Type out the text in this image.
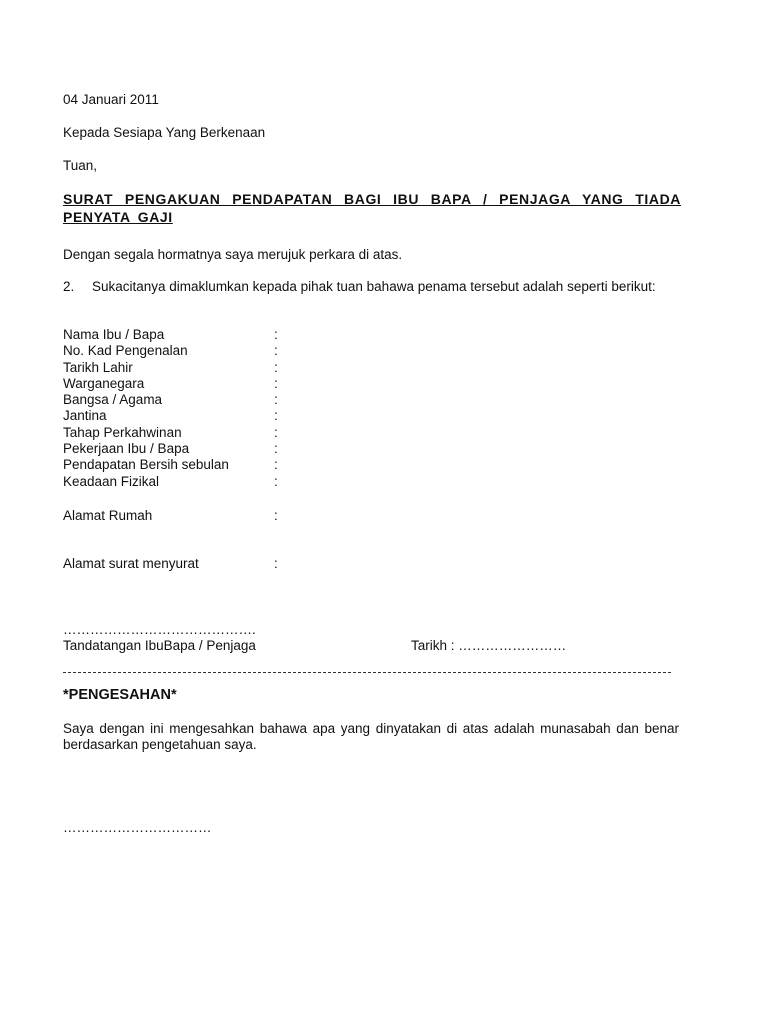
04 Januari 2011
Kepada Sesiapa Yang Berkenaan
Tuan,
SURAT PENGAKUAN PENDAPATAN BAGI IBU BAPA / PENJAGA YANG TIADA PENYATA GAJI
Dengan segala hormatnya saya merujuk perkara di atas.
2. Sukacitanya dimaklumkan kepada pihak tuan bahawa penama tersebut adalah seperti berikut:
Nama Ibu / Bapa	:
No. Kad Pengenalan	:
Tarikh Lahir	:
Warganegara	:
Bangsa / Agama	:
Jantina	:
Tahap Perkahwinan	:
Pekerjaan Ibu / Bapa	:
Pendapatan Bersih sebulan	:
Keadaan Fizikal	:
Alamat Rumah	:
Alamat surat menyurat	:
…………………………………….
Tandatangan IbuBapa / Penjaga	Tarikh : ……………………
*PENGESAHAN*
Saya dengan ini mengesahkan bahawa apa yang dinyatakan di atas adalah munasabah dan benar berdasarkan pengetahuan saya.
……………………………
